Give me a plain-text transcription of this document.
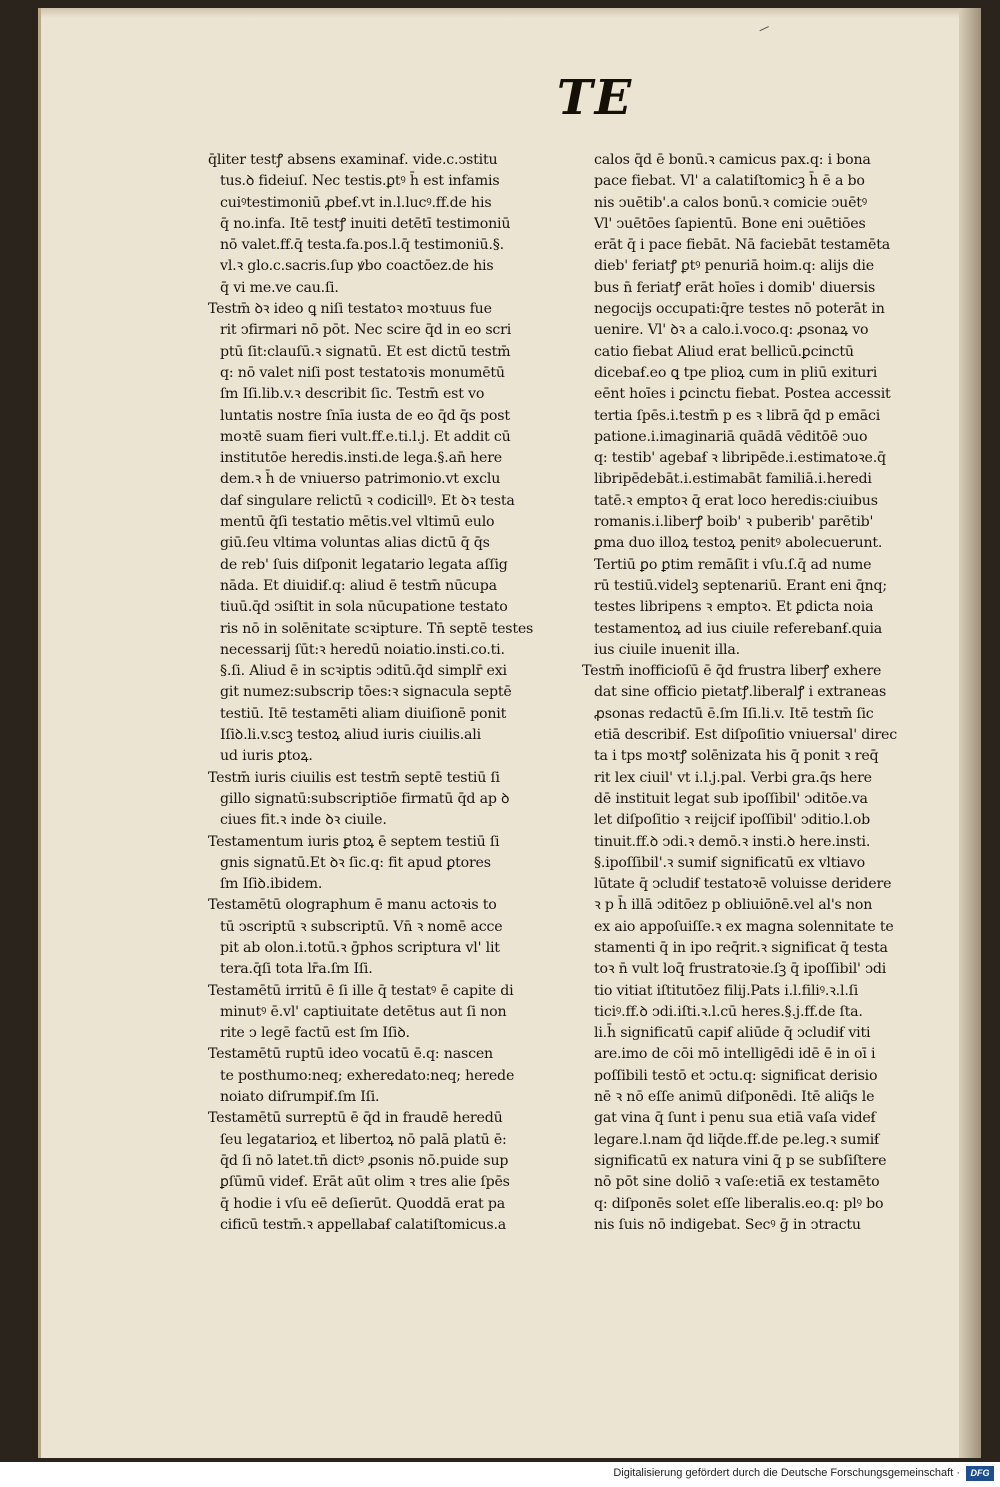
TE
q̄liter testꝭ absens examinaẜ. vide.c.ↄstitu
tus.ꝺ fideiuſ. Nec testis.ꝑtꝰ h̄ est infamis
cuiꝰtestimoniū ꝓbeẜ.vt in.l.lucꝰ.ff.de his
q̄ no.infa. Itē testꝭ inuiti detētī testimoniū
nō valet.ff.q̄ testa.fa.pos.l.q̄ testimoniū.§.
vl.ꝛ glo.c.sacris.ſup ꝟbo coactōez.de his
q̄ vi me.ve cau.ſi.
Testm̄ ꝺꝛ ideo ꝗ niſi testatoꝛ moꝛtuus fue
rit ↄfirmari nō pōt. Nec scire q̄d in eo scri
ptū ſit:clauſū.ꝛ signatū. Et est dictū testm̄
q: nō valet niſi post testatoꝛis monumētū
ſm Iſi.lib.v.ꝛ describit ſic. Testm̄ est vo
luntatis nostre ſnīa iusta de eo q̄d q̄s post
moꝛtē suam fieri vult.ff.e.ti.l.j. Et addit cū
institutōe heredis.insti.de lega.§.an̄ here
dem.ꝛ h̄ de vniuerso patrimonio.vt exclu
daẜ singulare relictū ꝛ codicillꝰ. Et ꝺꝛ testa
mentū q̄ſi testatio mētis.vel vltimū eulo
giū.ſeu vltima voluntas alias dictū q̄ q̄s
de reb' ſuis diſponit legatario legata aſſig
nāda. Et diuidiẜ.q: aliud ē testm̄ nūcupa
tiuū.q̄d ↄsiſtit in sola nūcupatione testato
ris nō in solēnitate scꝛipture. Tn̄ septē testes
necessarij ſūt:ꝛ heredū noiatio.insti.co.ti.
§.ſi. Aliud ē in scꝛiptis ↄditū.q̄d simplr̄ exi
git numez:subscrip tōes:ꝛ signacula septē
testiū. Itē testamēti aliam diuiſionē ponit
Iſiꝺ.li.v.scꝫ testoꝝ aliud iuris ciuilis.ali
ud iuris ꝑtoꝝ.
Testm̄ iuris ciuilis est testm̄ septē testiū ſi
gillo signatū:subscriptiōe firmatū q̄d ap ꝺ
ciues fit.ꝛ inde ꝺꝛ ciuile.
Testamentum iuris ꝑtoꝝ ē septem testiū ſi
gnis signatū.Et ꝺꝛ ſic.q: fit apud ꝑtores
ſm Iſiꝺ.ibidem.
Testamētū olographum ē manu actoꝛis to
tū ↄscriptū ꝛ subscriptū. Vn̄ ꝛ nomē acce
pit ab olon.i.totū.ꝛ ḡphos scriptura vl' lit
tera.q̄ſi tota lr̄a.ſm Iſi.
Testamētū irritū ē ſi ille q̄ testatꝰ ē capite di
minutꝰ ē.vl' captiuitate detētus aut ſi non
rite ↄ legē factū est ſm Iſiꝺ.
Testamētū ruptū ideo vocatū ē.q: nascen
te posthumo:neq; exheredato:neq; herede
noiato diſrumpiẜ.ſm Iſi.
Testamētū surreptū ē q̄d in fraudē heredū
ſeu legatarioꝝ et libertoꝝ nō palā platū ē:
q̄d ſi nō latet.tn̄ dictꝰ ꝓsonis nō.puide sup
ꝑſūmū videẜ. Erāt aūt olim ꝛ tres alie ſpēs
q̄ hodie i vſu eē deſierūt. Quoddā erat pa
cificū testm̄.ꝛ appellabaẜ calatiſtomicus.a
calos q̄d ē bonū.ꝛ camicus pax.q: i bona
pace fiebat. Vl' a calatiſtomicꝫ h̄ ē a bo
nis ↄuētib'.a calos bonū.ꝛ comicie ↄuētꝰ
Vl' ↄuētōes ſapientū. Bone eni ↄuētiōes
erāt q̄ i pace fiebāt. Nā faciebāt testamēta
dieb' feriatꝭ ꝑtꝰ penuriā hoim.q: alijs die
bus n̄ feriatꝭ erāt hoīes i domib' diuersis
negocijs occupati:q̄re testes nō poterāt in
uenire. Vl' ꝺꝛ a calo.i.voco.q: ꝓsonaꝝ vo
catio fiebat Aliud erat bellicū.ꝑcinctū
dicebaẜ.eo ꝗ tpe plioꝝ cum in pliū exituri
eēnt hoīes i ꝑcinctu fiebat. Postea accessit
tertia ſpēs.i.testm̄ p es ꝛ librā q̄d p emāci
patione.i.imaginariā quādā vēditōē ↄuo
q: testib' agebaẜ ꝛ libripēde.i.estimatoꝛe.q̄
libripēdebāt.i.estimabāt familiā.i.heredi
tatē.ꝛ emptoꝛ q̄ erat loco heredis:ciuibus
romanis.i.liberꝭ boib' ꝛ puberib' parētib'
ꝑma duo illoꝝ testoꝝ penitꝰ abolecuerunt.
Tertiū ꝑo ꝑtim remāſit i vſu.ſ.q̄ ad nume
rū testiū.videlꝫ septenariū. Erant eni q̄nq;
testes libripens ꝛ emptoꝛ. Et ꝑdicta noia
testamentoꝝ ad ius ciuile referebanẜ.quia
ius ciuile inuenit illa.
Testm̄ inofficioſū ē q̄d frustra liberꝭ exhere
dat sine officio pietatꝭ.liberalꝭ i extraneas
ꝓsonas redactū ē.ſm Iſi.li.v. Itē testm̄ ſic
etiā describiẜ. Est diſpoſitio vniuersal' direc
ta i tps moꝛtꝭ solēnizata his q̄ ponit ꝛ req̄
rit lex ciuil' vt i.l.j.pal. Verbi gra.q̄s here
dē instituit legat sub ipoſſibil' ↄditōe.va
let diſpoſitio ꝛ reijciẜ ipoſſibil' ↄditio.l.ob
tinuit.ff.ꝺ ↄdi.ꝛ demō.ꝛ insti.ꝺ here.insti.
§.ipoſſibil'.ꝛ sumiẜ significatū ex vltiavo
lūtate q̄ ↄcludiẜ testatoꝛē voluisse deridere
ꝛ p h̄ illā ↄditōez p obliuiōnē.vel al's non
ex aio appoſuiſſe.ꝛ ex magna solennitate te
stamenti q̄ in ipo req̄rit.ꝛ significat q̄ testa
toꝛ n̄ vult loq̄ frustratoꝛie.ſꝫ q̄ ipoſſibil' ↄdi
tio vitiat iſtitutōez filij.Pats i.l.filiꝰ.ꝛ.l.ſi
ticiꝰ.ff.ꝺ ↄdi.iſti.ꝛ.l.cū heres.§.j.ff.de ſta.
li.h̄ significatū capiẜ aliūde q̄ ↄcludiẜ viti
are.imo de cōi mō intelligēdi idē ē in oī i
poſſibili testō et ↄctu.q: significat derisio
nē ꝛ nō eſſe animū diſponēdi. Itē aliq̄s le
gat vina q̄ ſunt i penu sua etiā vaſa videẜ
legare.l.nam q̄d liq̄de.ff.de pe.leg.ꝛ sumiẜ
significatū ex natura vini q̄ p se subſiſtere
nō pōt sine doliō ꝛ vaſe:etiā ex testamēto
q: diſponēs solet eſſe liberalis.eo.q: plꝰ bo
nis ſuis nō indigebat. Secꝰ ḡ in ↄtractu
Digitalisierung gefördert durch die Deutsche Forschungsgemeinschaft ·	DFG
